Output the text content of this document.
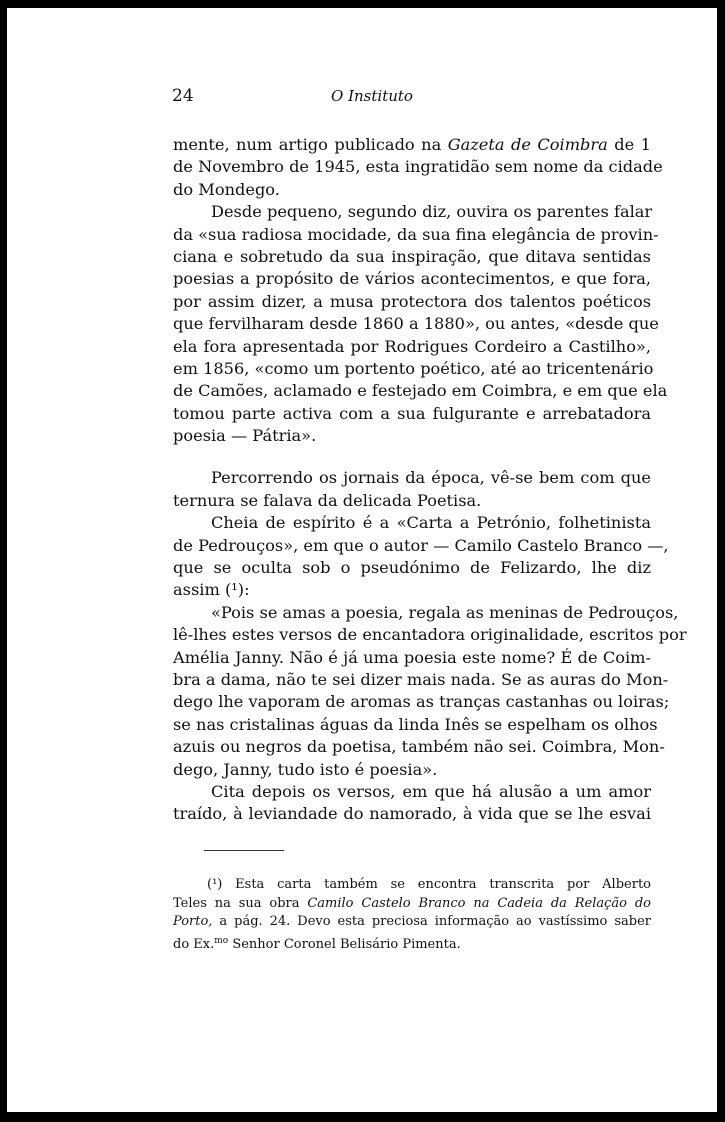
24	O Instituto
mente, num artigo publicado na Gazeta de Coimbra de 1
de Novembro de 1945, esta ingratidão sem nome da cidade
do Mondego.
Desde pequeno, segundo diz, ouvira os parentes falar
da «sua radiosa mocidade, da sua fina elegância de provin-
ciana e sobretudo da sua inspiração, que ditava sentidas
poesias a propósito de vários acontecimentos, e que fora,
por assim dizer, a musa protectora dos talentos poéticos
que fervilharam desde 1860 a 1880», ou antes, «desde que
ela fora apresentada por Rodrigues Cordeiro a Castilho»,
em 1856, «como um portento poético, até ao tricentenário
de Camões, aclamado e festejado em Coimbra, e em que ela
tomou parte activa com a sua fulgurante e arrebatadora
poesia — Pátria».
Percorrendo os jornais da época, vê-se bem com que
ternura se falava da delicada Poetisa.
Cheia de espírito é a «Carta a Petrónio, folhetinista
de Pedrouços», em que o autor — Camilo Castelo Branco —,
que se oculta sob o pseudónimo de Felizardo, lhe diz
assim (¹):
«Pois se amas a poesia, regala as meninas de Pedrouços,
lê-lhes estes versos de encantadora originalidade, escritos por
Amélia Janny. Não é já uma poesia este nome? É de Coim-
bra a dama, não te sei dizer mais nada. Se as auras do Mon-
dego lhe vaporam de aromas as tranças castanhas ou loiras;
se nas cristalinas águas da linda Inês se espelham os olhos
azuis ou negros da poetisa, também não sei. Coimbra, Mon-
dego, Janny, tudo isto é poesia».
Cita depois os versos, em que há alusão a um amor
traído, à leviandade do namorado, à vida que se lhe esvai
(¹) Esta carta também se encontra transcrita por Alberto
Teles na sua obra Camilo Castelo Branco na Cadeia da Relação do
Porto, a pág. 24. Devo esta preciosa informação ao vastíssimo saber
do Ex.$^{mo}$ Senhor Coronel Belisário Pimenta.
